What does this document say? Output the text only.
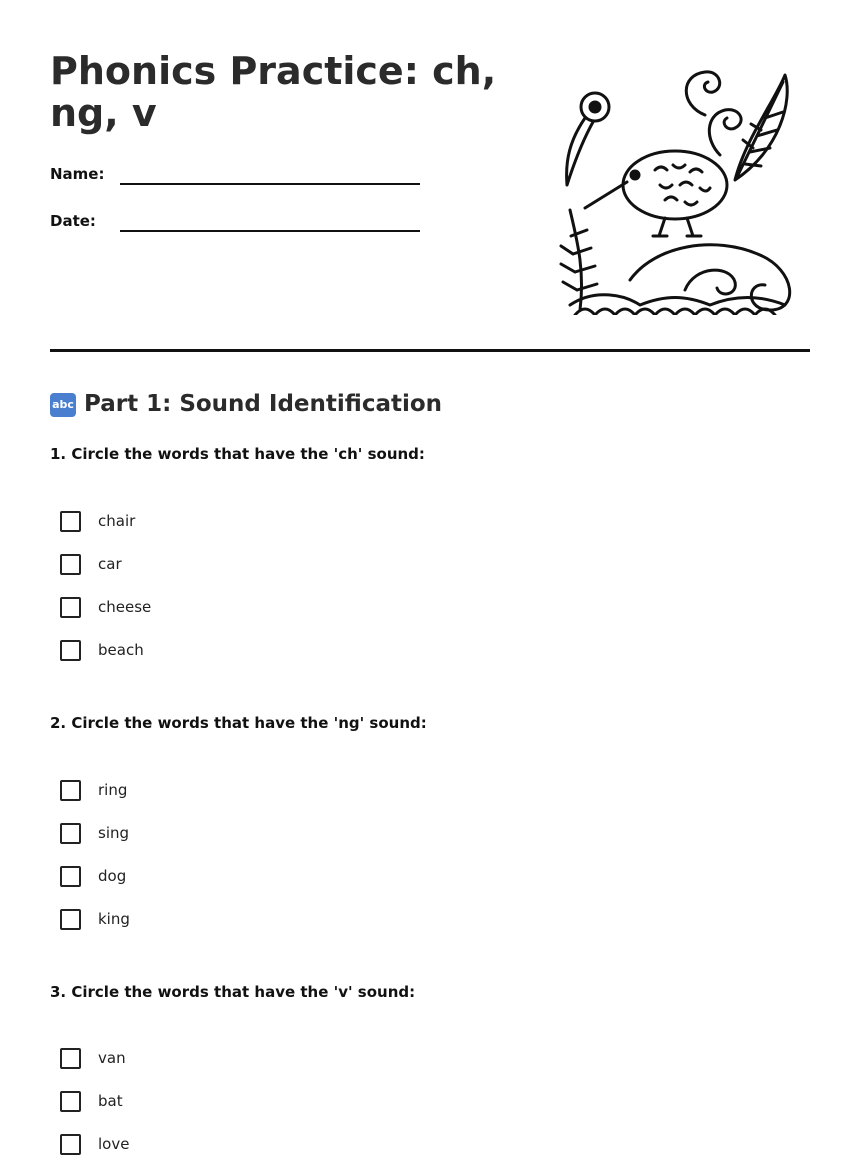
Phonics Practice: ch, ng, v
Name:
Date:
abc Part 1: Sound Identification

1. Circle the words that have the 'ch' sound:

chair
car
cheese
beach

2. Circle the words that have the 'ng' sound:

ring
sing
dog
king

3. Circle the words that have the 'v' sound:

van
bat
love
